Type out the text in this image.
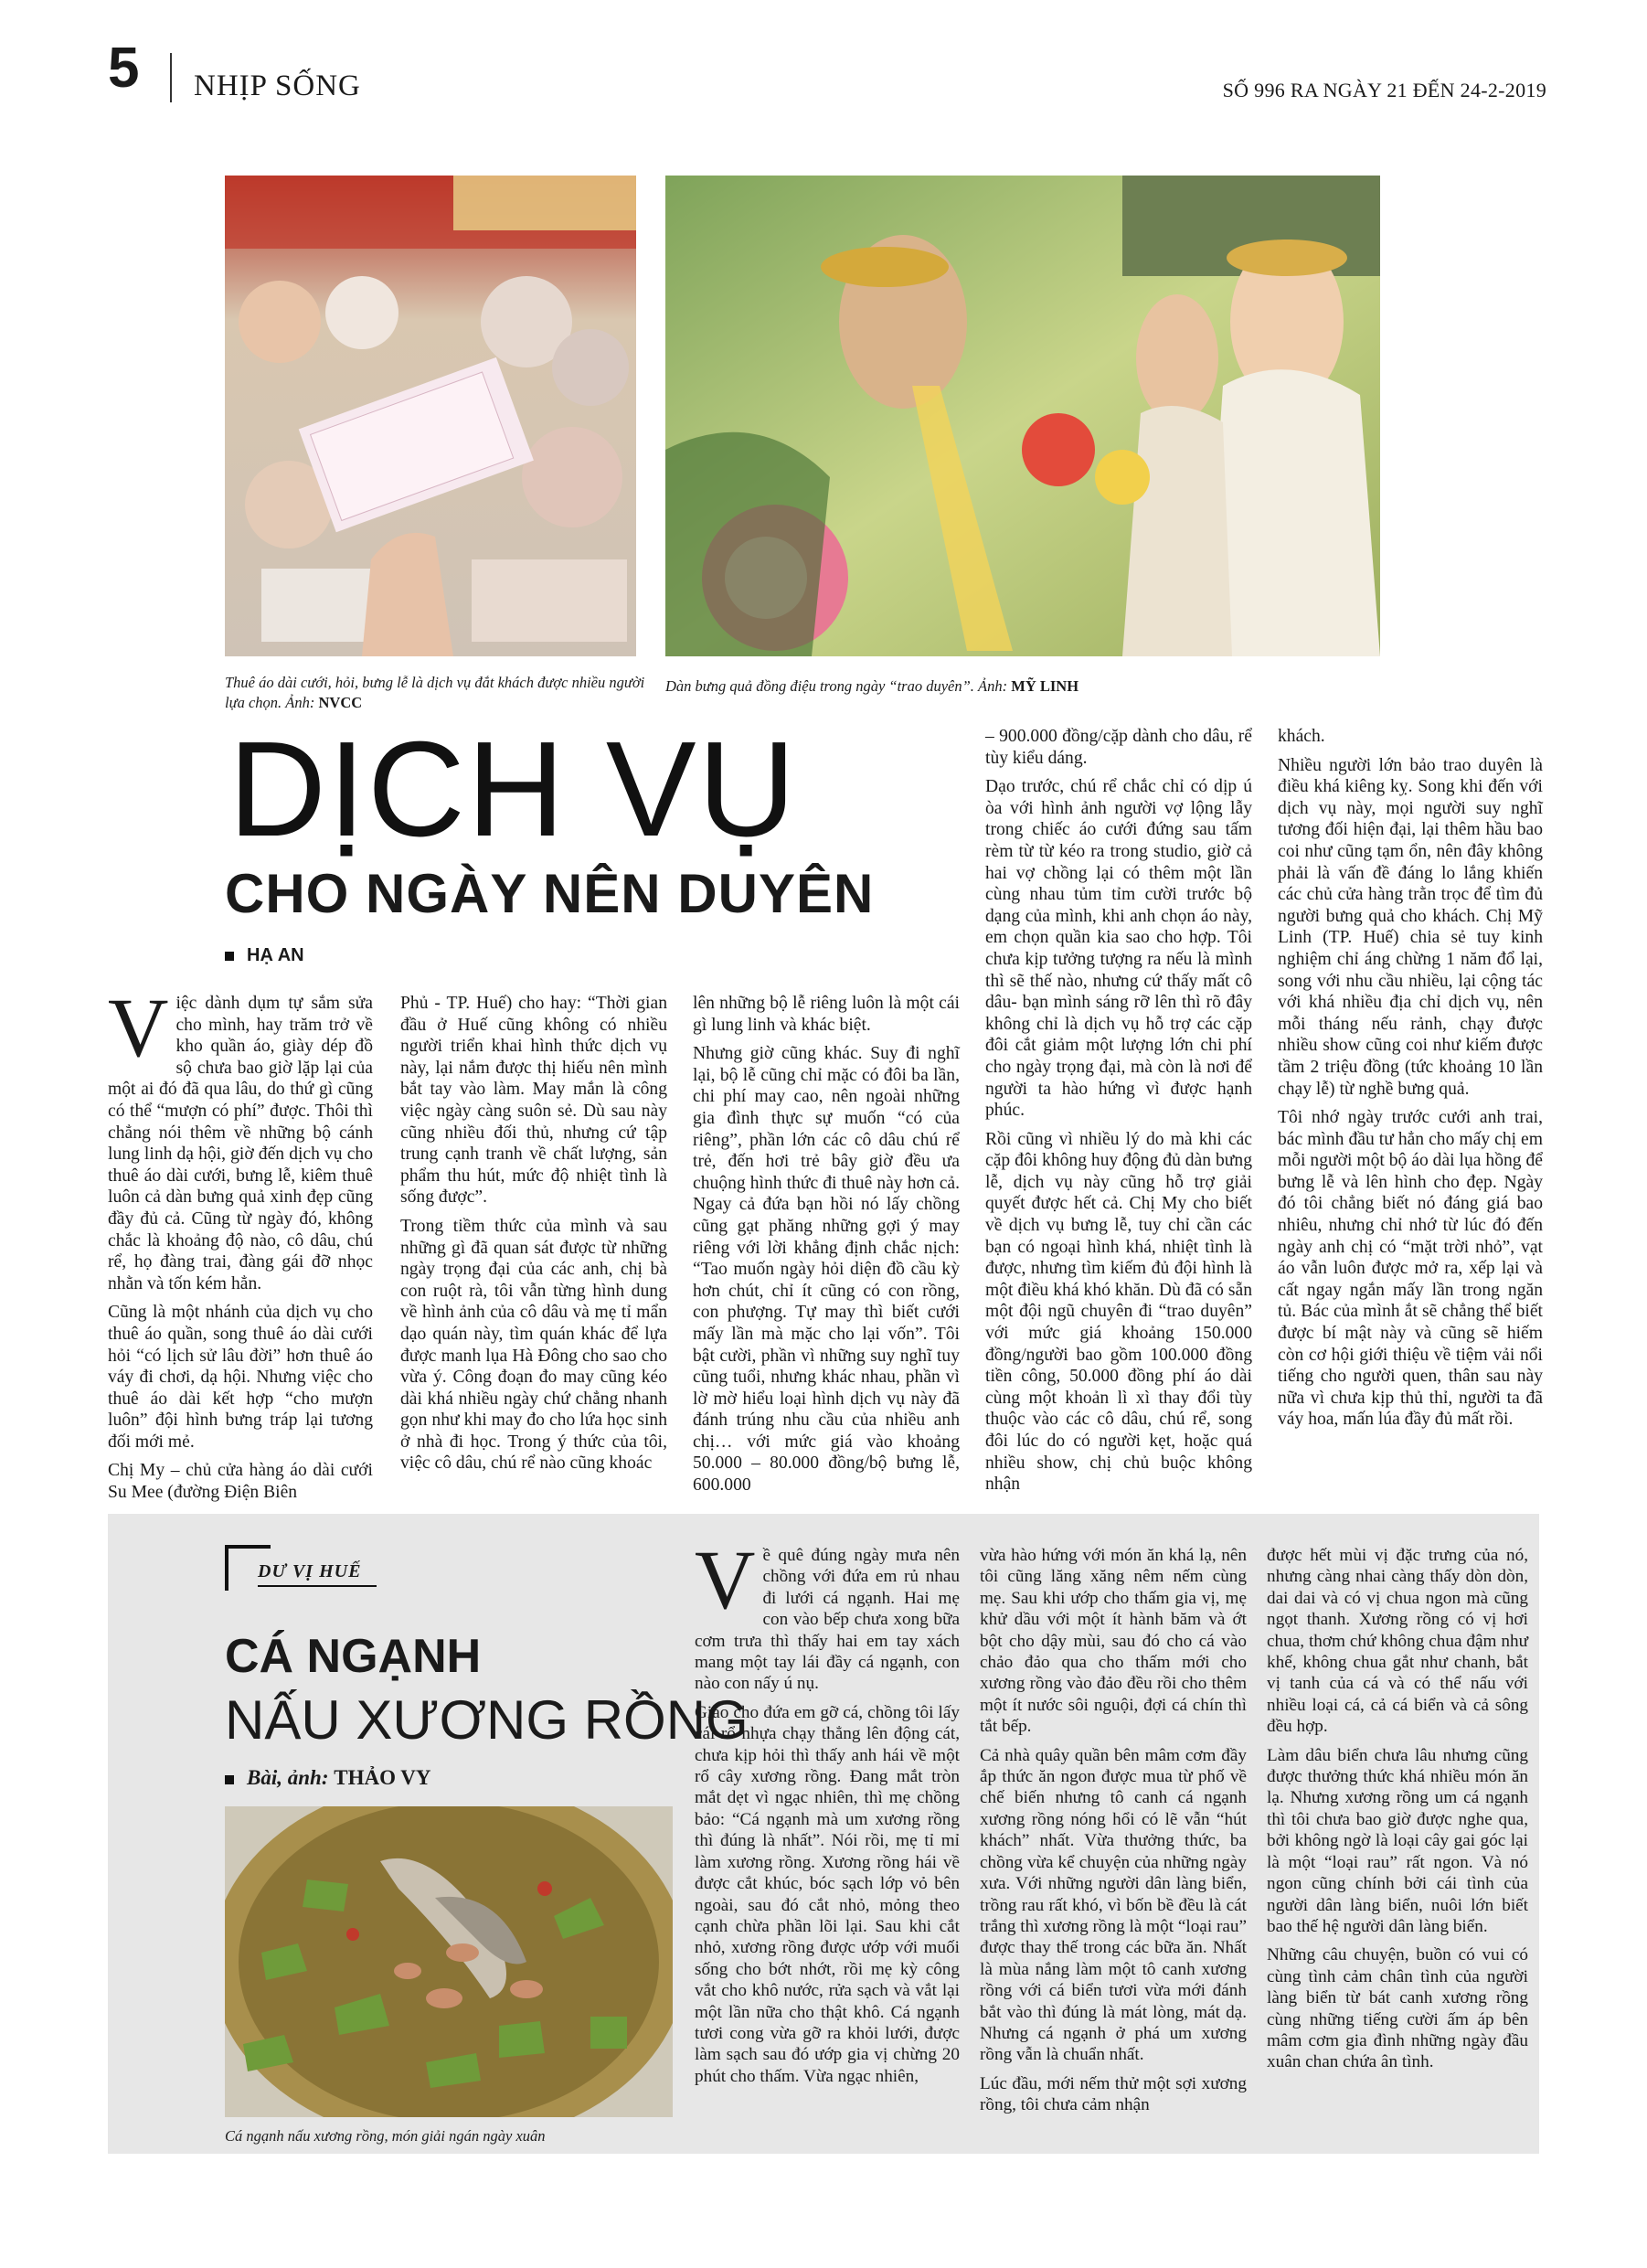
5 NHỊP SỐNG	SỐ 996 RA NGÀY 21 ĐẾN 24-2-2019
Thuê áo dài cưới, hỏi, bưng lễ là dịch vụ đắt khách được nhiều người lựa chọn. Ảnh: NVCC
Dàn bưng quả đồng điệu trong ngày “trao duyên”. Ảnh: MỸ LINH
DỊCH VỤ
CHO NGÀY NÊN DUYÊN
HẠ AN

Việc dành dụm tự sắm sửa cho mình, hay trăm trở về kho quần áo, giày dép đồ sộ chưa bao giờ lặp lại của một ai đó đã qua lâu, do thứ gì cũng có thể “mượn có phí” được. Thôi thì chẳng nói thêm về những bộ cánh lung linh dạ hội, giờ đến dịch vụ cho thuê áo dài cưới, bưng lễ, kiêm thuê luôn cả dàn bưng quả xinh đẹp cũng đầy đủ cả. Cũng từ ngày đó, không chắc là khoảng độ nào, cô dâu, chú rể, họ đàng trai, đàng gái đỡ nhọc nhằn và tốn kém hẳn.

Cũng là một nhánh của dịch vụ cho thuê áo quần, song thuê áo dài cưới hỏi “có lịch sử lâu đời” hơn thuê áo váy đi chơi, dạ hội. Nhưng việc cho thuê áo dài kết hợp “cho mượn luôn” đội hình bưng tráp lại tương đối mới mẻ.

Chị My – chủ cửa hàng áo dài cưới Su Mee (đường Điện Biên

Phủ - TP. Huế) cho hay: “Thời gian đầu ở Huế cũng không có nhiều người triển khai hình thức dịch vụ này, lại nắm được thị hiếu nên mình bắt tay vào làm. May mắn là công việc ngày càng suôn sẻ. Dù sau này cũng nhiều đối thủ, nhưng cứ tập trung cạnh tranh về chất lượng, sản phẩm thu hút, mức độ nhiệt tình là sống được”.

Trong tiềm thức của mình và sau những gì đã quan sát được từ những ngày trọng đại của các anh, chị bà con ruột rà, tôi vẫn từng hình dung về hình ảnh của cô dâu và mẹ tỉ mẩn dạo quán này, tìm quán khác để lựa được manh lụa Hà Đông cho sao cho vừa ý. Công đoạn đo may cũng kéo dài khá nhiều ngày chứ chẳng nhanh gọn như khi may đo cho lứa học sinh ở nhà đi học. Trong ý thức của tôi, việc cô dâu, chú rể nào cũng khoác

lên những bộ lễ riêng luôn là một cái gì lung linh và khác biệt.

Nhưng giờ cũng khác. Suy đi nghĩ lại, bộ lễ cũng chỉ mặc có đôi ba lần, chi phí may cao, nên ngoài những gia đình thực sự muốn “có của riêng”, phần lớn các cô dâu chú rể trẻ, đến hơi trẻ bây giờ đều ưa chuộng hình thức đi thuê này hơn cả. Ngay cả đứa bạn hồi nó lấy chồng cũng gạt phăng những gợi ý may riêng với lời khẳng định chắc nịch: “Tao muốn ngày hỏi diện đồ cầu kỳ hơn chút, chỉ ít cũng có con rồng, con phượng. Tự may thì biết cưới mấy lần mà mặc cho lại vốn”. Tôi bật cười, phần vì những suy nghĩ tuy cũng tuổi, nhưng khác nhau, phần vì lờ mờ hiểu loại hình dịch vụ này đã đánh trúng nhu cầu của nhiều anh chị… với mức giá vào khoảng 50.000 – 80.000 đồng/bộ bưng lễ, 600.000

– 900.000 đồng/cặp dành cho dâu, rể tùy kiểu dáng.

Dạo trước, chú rể chắc chỉ có dịp ú òa với hình ảnh người vợ lộng lẫy trong chiếc áo cưới đứng sau tấm rèm từ từ kéo ra trong studio, giờ cả hai vợ chồng lại có thêm một lần cùng nhau tủm tỉm cười trước bộ dạng của mình, khi anh chọn áo này, em chọn quần kia sao cho hợp. Tôi chưa kịp tưởng tượng ra nếu là mình thì sẽ thế nào, nhưng cứ thấy mất cô dâu- bạn mình sáng rỡ lên thì rõ đây không chỉ là dịch vụ hỗ trợ các cặp đôi cắt giảm một lượng lớn chi phí cho ngày trọng đại, mà còn là nơi để người ta hào hứng vì được hạnh phúc.

Rồi cũng vì nhiều lý do mà khi các cặp đôi không huy động đủ dàn bưng lễ, dịch vụ này cũng hỗ trợ giải quyết được hết cả. Chị My cho biết về dịch vụ bưng lễ, tuy chỉ cần các bạn có ngoại hình khá, nhiệt tình là được, nhưng tìm kiếm đủ đội hình là một điều khá khó khăn. Dù đã có sẵn một đội ngũ chuyên đi “trao duyên” với mức giá khoảng 150.000 đồng/người bao gồm 100.000 đồng tiền công, 50.000 đồng phí áo dài cùng một khoản lì xì thay đổi tùy thuộc vào các cô dâu, chú rể, song đôi lúc do có người kẹt, hoặc quá nhiều show, chị chủ buộc không nhận

khách.

Nhiều người lớn bảo trao duyên là điều khá kiêng kỵ. Song khi đến với dịch vụ này, mọi người suy nghĩ tương đối hiện đại, lại thêm hầu bao coi như cũng tạm ổn, nên đây không phải là vấn đề đáng lo lắng khiến các chủ cửa hàng trằn trọc để tìm đủ người bưng quả cho khách. Chị Mỹ Linh (TP. Huế) chia sẻ tuy kinh nghiệm chỉ áng chừng 1 năm đổ lại, song với nhu cầu nhiều, lại cộng tác với khá nhiều địa chỉ dịch vụ, nên mỗi tháng nếu rảnh, chạy được nhiều show cũng coi như kiếm được tầm 2 triệu đồng (tức khoảng 10 lần chạy lễ) từ nghề bưng quả.

Tôi nhớ ngày trước cưới anh trai, bác mình đầu tư hẳn cho mấy chị em mỗi người một bộ áo dài lụa hồng để bưng lễ và lên hình cho đẹp. Ngày đó tôi chẳng biết nó đáng giá bao nhiêu, nhưng chỉ nhớ từ lúc đó đến ngày anh chị có “mặt trời nhỏ”, vạt áo vẫn luôn được mở ra, xếp lại và cất ngay ngắn mấy lần trong ngăn tủ. Bác của mình ắt sẽ chẳng thể biết được bí mật này và cũng sẽ hiếm còn cơ hội giới thiệu về tiệm vải nổi tiếng cho người quen, thân sau này nữa vì chưa kịp thủ thỉ, người ta đã váy hoa, mấn lúa đầy đủ mất rồi.

DƯ VỊ HUẾ
CÁ NGẠNH
NẤU XƯƠNG RỒNG
Bài, ảnh: THẢO VY
Cá ngạnh nấu xương rồng, món giải ngán ngày xuân

Về quê đúng ngày mưa nên chồng với đứa em rủ nhau đi lưới cá ngạnh. Hai mẹ con vào bếp chưa xong bữa cơm trưa thì thấy hai em tay xách mang một tay lái đầy cá ngạnh, con nào con nấy ú nụ.

Giao cho đứa em gỡ cá, chồng tôi lấy cái rổ nhựa chạy thẳng lên động cát, chưa kịp hỏi thì thấy anh hái về một rổ cây xương rồng. Đang mắt tròn mắt dẹt vì ngạc nhiên, thì mẹ chồng bảo: “Cá ngạnh mà um xương rồng thì đúng là nhất”. Nói rồi, mẹ tỉ mỉ làm xương rồng. Xương rồng hái về được cắt khúc, bóc sạch lớp vỏ bên ngoài, sau đó cắt nhỏ, mỏng theo cạnh chừa phần lõi lại. Sau khi cắt nhỏ, xương rồng được ướp với muối sống cho bớt nhớt, rồi mẹ kỳ công vắt cho khô nước, rửa sạch và vắt lại một lần nữa cho thật khô. Cá ngạnh tươi cong vừa gỡ ra khỏi lưới, được làm sạch sau đó ướp gia vị chừng 20 phút cho thấm. Vừa ngạc nhiên,

vừa hào hứng với món ăn khá lạ, nên tôi cũng lăng xăng nêm nếm cùng mẹ. Sau khi ướp cho thấm gia vị, mẹ khử dầu với một ít hành băm và ớt bột cho dậy mùi, sau đó cho cá vào chảo đảo qua cho thấm mới cho xương rồng vào đảo đều rồi cho thêm một ít nước sôi nguội, đợi cá chín thì tắt bếp.

Cả nhà quây quần bên mâm cơm đầy ắp thức ăn ngon được mua từ phố về chế biến nhưng tô canh cá ngạnh xương rồng nóng hổi có lẽ vẫn “hút khách” nhất. Vừa thưởng thức, ba chồng vừa kể chuyện của những ngày xưa. Với những người dân làng biển, trồng rau rất khó, vì bốn bề đều là cát trắng thì xương rồng là một “loại rau” được thay thế trong các bữa ăn. Nhất là mùa nắng làm một tô canh xương rồng với cá biển tươi vừa mới đánh bắt vào thì đúng là mát lòng, mát dạ. Nhưng cá ngạnh ở phá um xương rồng vẫn là chuẩn nhất.

Lúc đầu, mới nếm thử một sợi xương rồng, tôi chưa cảm nhận

được hết mùi vị đặc trưng của nó, nhưng càng nhai càng thấy dòn dòn, dai dai và có vị chua ngon mà cũng ngọt thanh. Xương rồng có vị hơi chua, thơm chứ không chua đậm như khế, không chua gắt như chanh, bắt vị tanh của cá và có thể nấu với nhiều loại cá, cả cá biển và cả sông đều hợp.

Làm dâu biển chưa lâu nhưng cũng được thưởng thức khá nhiều món ăn lạ. Nhưng xương rồng um cá ngạnh thì tôi chưa bao giờ được nghe qua, bởi không ngờ là loại cây gai góc lại là một “loại rau” rất ngon. Và nó ngon cũng chính bởi cái tình của người dân làng biển, nuôi lớn biết bao thế hệ người dân làng biển.

Những câu chuyện, buồn có vui có cùng tình cảm chân tình của người làng biển từ bát canh xương rồng cùng những tiếng cười ấm áp bên mâm cơm gia đình những ngày đầu xuân chan chứa ân tình.
